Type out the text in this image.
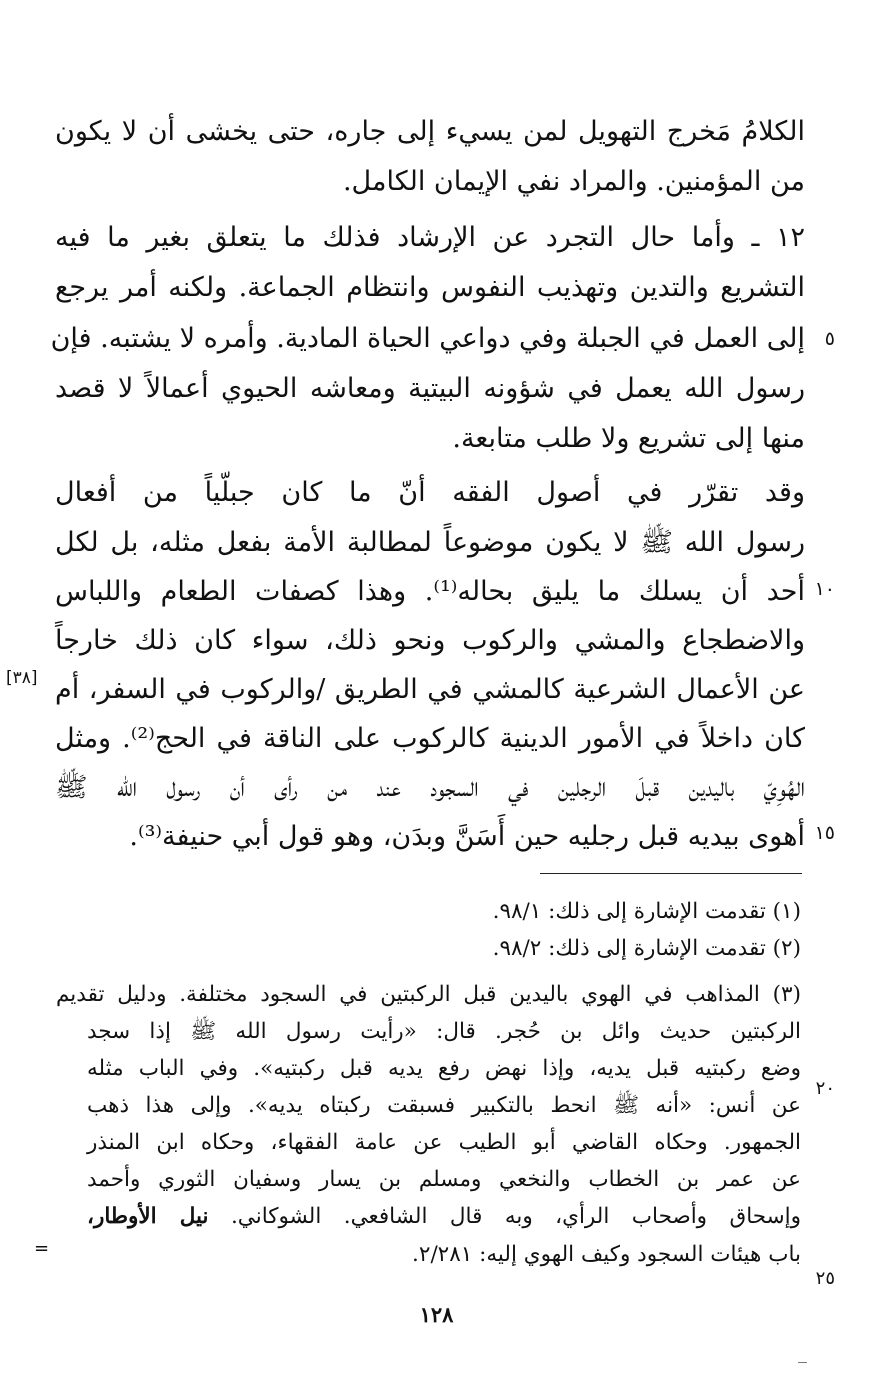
الكلامُ مَخرج التهويل لمن يسيء إلى جاره، حتى يخشى أن لا يكون
من المؤمنين. والمراد نفي الإيمان الكامل.
١٢ ـ وأما حال التجرد عن الإرشاد فذلك ما يتعلق بغير ما فيه
التشريع والتدين وتهذيب النفوس وانتظام الجماعة. ولكنه أمر يرجع
إلى العمل في الجبلة وفي دواعي الحياة المادية. وأمره لا يشتبه. فإن
رسول الله يعمل في شؤونه البيتية ومعاشه الحيوي أعمالاً لا قصد
منها إلى تشريع ولا طلب متابعة.
وقد تقرّر في أصول الفقه أنّ ما كان جبلّياً من أفعال
رسول الله ﷺ لا يكون موضوعاً لمطالبة الأمة بفعل مثله، بل لكل
أحد أن يسلك ما يليق بحاله⁽¹⁾. وهذا كصفات الطعام واللباس
والاضطجاع والمشي والركوب ونحو ذلك، سواء كان ذلك خارجاً
عن الأعمال الشرعية كالمشي في الطريق /والركوب في السفر، أم
كان داخلاً في الأمور الدينية كالركوب على الناقة في الحج⁽²⁾. ومثل
الهُوِيّ باليدين قبلَ الرجلين في السجود عند من رأى أن رسول الله ﷺ
أهوى بيديه قبل رجليه حين أَسَنَّ وبدَن، وهو قول أبي حنيفة⁽³⁾.
٥
١٠
١٥
٢٠
٢٥
[٣٨]
(١) تقدمت الإشارة إلى ذلك: ٩٨/١.
(٢) تقدمت الإشارة إلى ذلك: ٩٨/٢.
(٣) المذاهب في الهوي باليدين قبل الركبتين في السجود مختلفة. ودليل تقديم
الركبتين حديث وائل بن حُجر. قال: «رأيت رسول الله ﷺ إذا سجد
وضع ركبتيه قبل يديه، وإذا نهض رفع يديه قبل ركبتيه». وفي الباب مثله
عن أنس: «أنه ﷺ انحط بالتكبير فسبقت ركبتاه يديه». وإلى هذا ذهب
الجمهور. وحكاه القاضي أبو الطيب عن عامة الفقهاء، وحكاه ابن المنذر
عن عمر بن الخطاب والنخعي ومسلم بن يسار وسفيان الثوري وأحمد
وإسحاق وأصحاب الرأي، وبه قال الشافعي. الشوكاني. نيل الأوطار،
باب هيئات السجود وكيف الهوي إليه: ٢/٢٨١.
=
١٢٨
